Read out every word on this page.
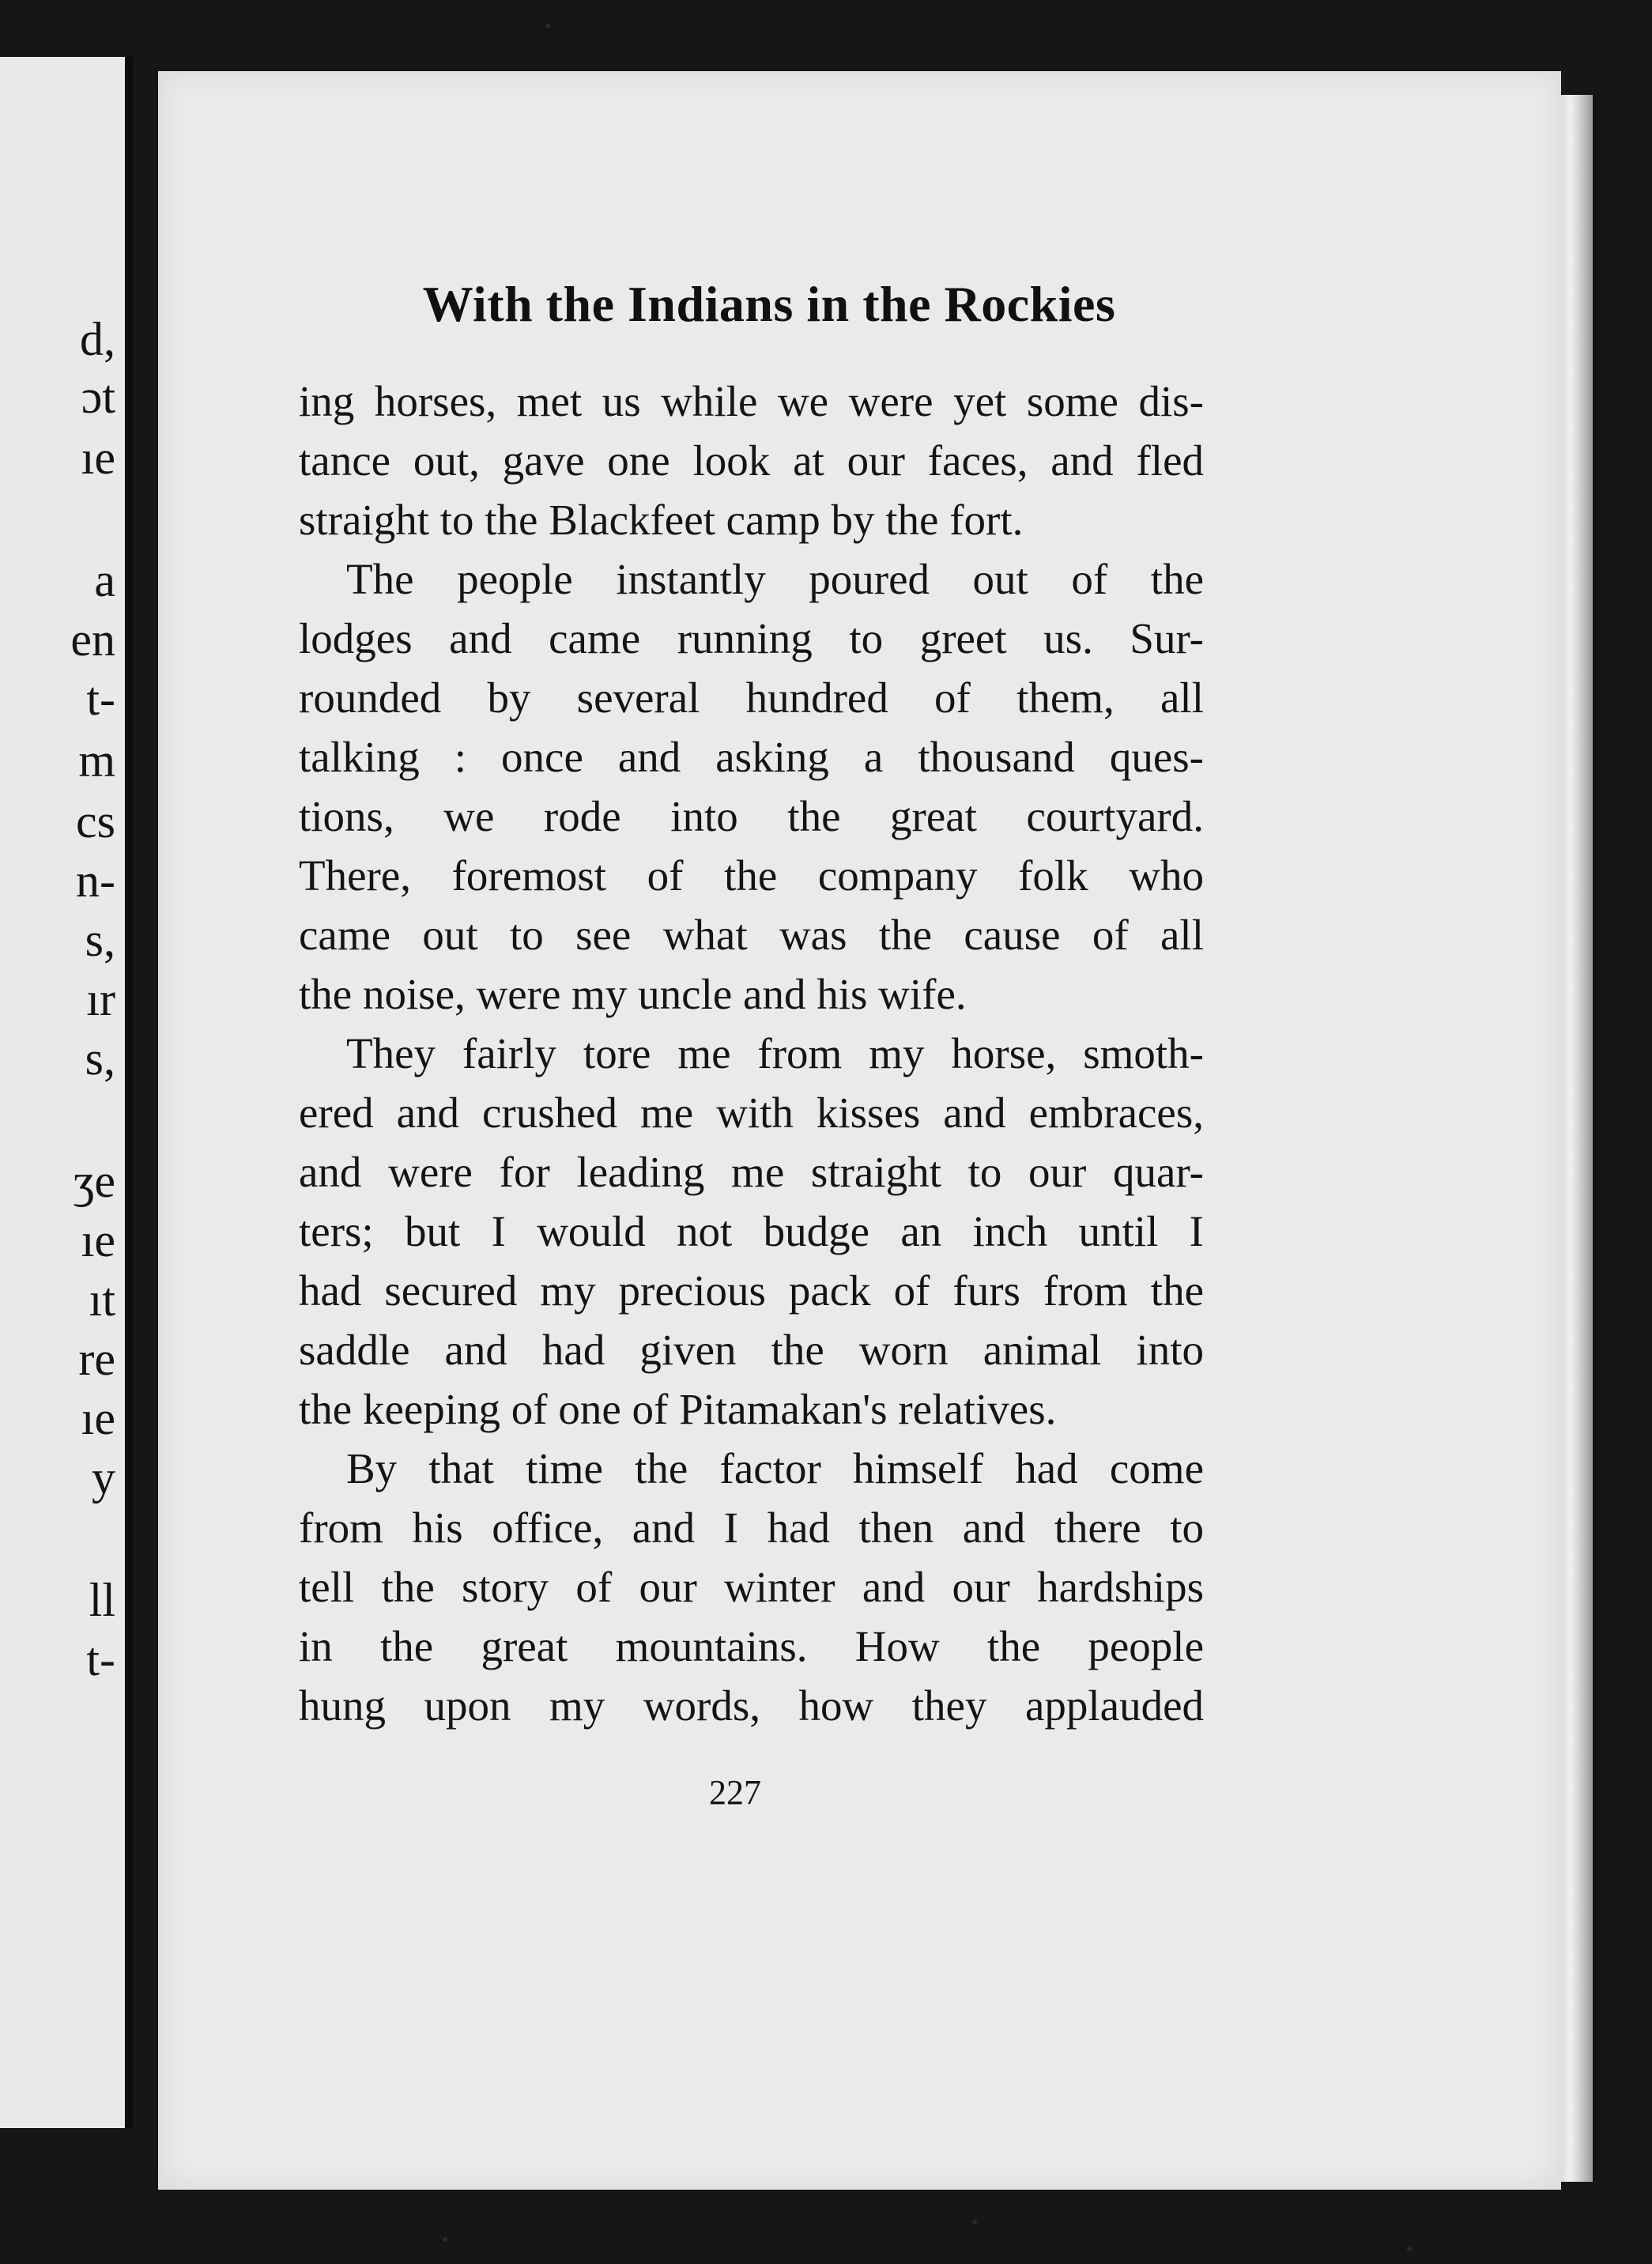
d,
ɔt
ıe
a
en
t-
m
cs
n-
s,
ır
s,
ʒe
ıe
ıt
re
ıe
y
ll
t-
With the Indians in the Rockies
ing horses, met us while we were yet some dis-
tance out, gave one look at our faces, and fled
straight to the Blackfeet camp by the fort.
The people instantly poured out of the
lodges and came running to greet us. Sur-
rounded by several hundred of them, all
talking : once and asking a thousand ques-
tions, we rode into the great courtyard.
There, foremost of the company folk who
came out to see what was the cause of all
the noise, were my uncle and his wife.
They fairly tore me from my horse, smoth-
ered and crushed me with kisses and embraces,
and were for leading me straight to our quar-
ters; but I would not budge an inch until I
had secured my precious pack of furs from the
saddle and had given the worn animal into
the keeping of one of Pitamakan's relatives.
By that time the factor himself had come
from his office, and I had then and there to
tell the story of our winter and our hardships
in the great mountains. How the people
hung upon my words, how they applauded
227
